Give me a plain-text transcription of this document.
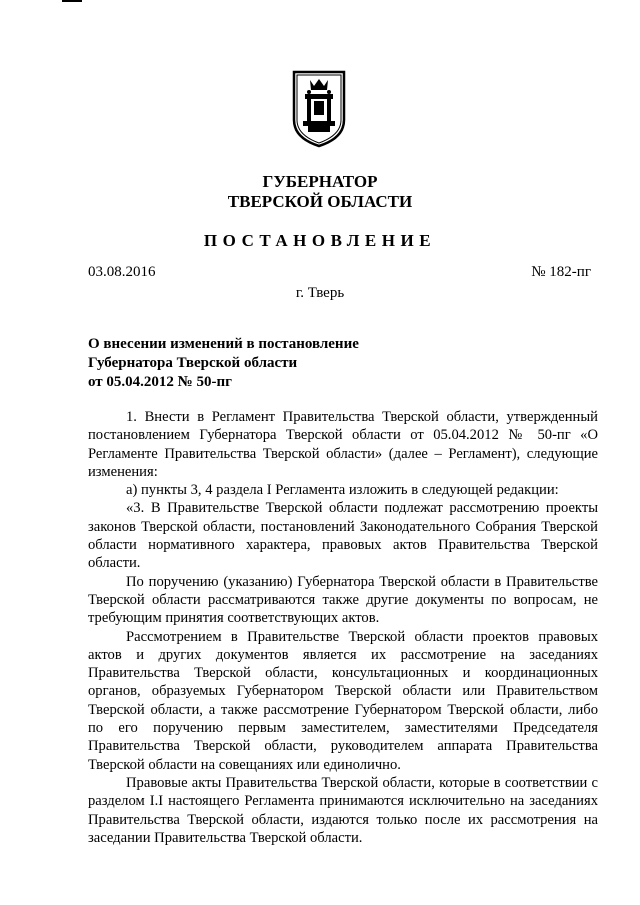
ГУБЕРНАТОР
ТВЕРСКОЙ ОБЛАСТИ
ПОСТАНОВЛЕНИЕ
03.08.2016	№ 182-пг
г. Тверь
О внесении изменений в постановление
Губернатора Тверской области
от 05.04.2012 № 50-пг

1. Внести в Регламент Правительства Тверской области, утвержденный постановлением Губернатора Тверской области от 05.04.2012 № 50-пг «О Регламенте Правительства Тверской области» (далее – Регламент), следующие изменения:

а) пункты 3, 4 раздела I Регламента изложить в следующей редакции:

«3. В Правительстве Тверской области подлежат рассмотрению проекты законов Тверской области, постановлений Законодательного Собрания Тверской области нормативного характера, правовых актов Правительства Тверской области.

По поручению (указанию) Губернатора Тверской области в Правительстве Тверской области рассматриваются также другие документы по вопросам, не требующим принятия соответствующих актов.

Рассмотрением в Правительстве Тверской области проектов правовых актов и других документов является их рассмотрение на заседаниях Правительства Тверской области, консультационных и координационных органов, образуемых Губернатором Тверской области или Правительством Тверской области, а также рассмотрение Губернатором Тверской области, либо по его поручению первым заместителем, заместителями Председателя Правительства Тверской области, руководителем аппарата Правительства Тверской области на совещаниях или единолично.

Правовые акты Правительства Тверской области, которые в соответствии с разделом I.I настоящего Регламента принимаются исключительно на заседаниях Правительства Тверской области, издаются только после их рассмотрения на заседании Правительства Тверской области.
